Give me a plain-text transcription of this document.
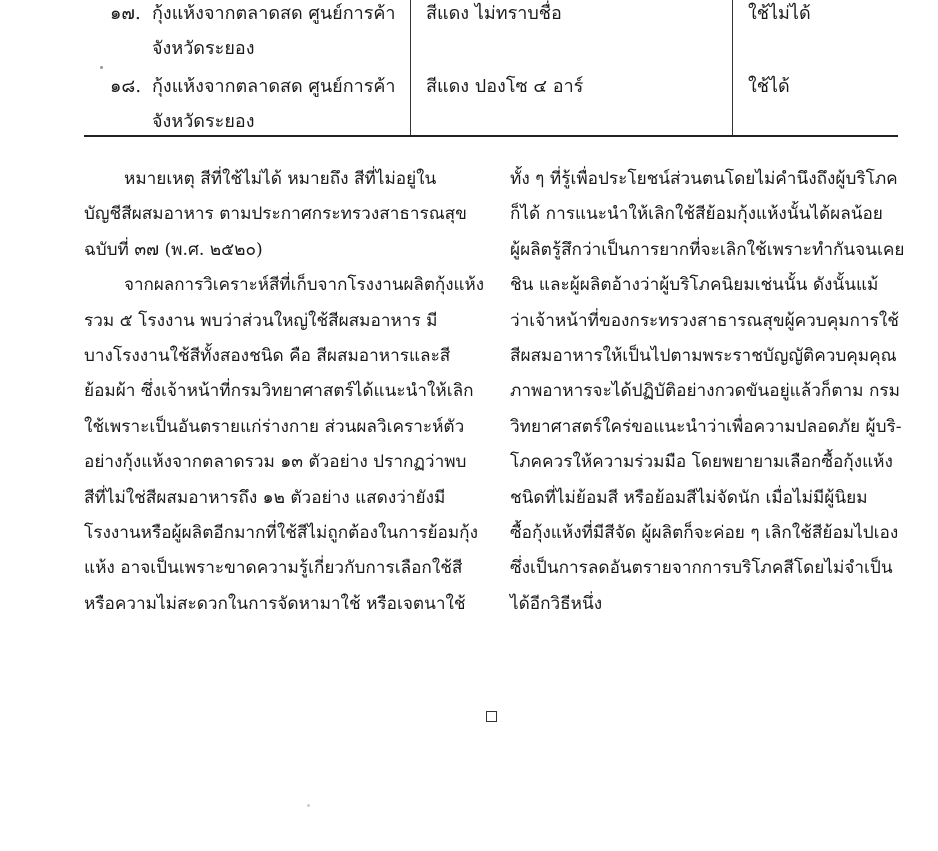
๑๗. กุ้งแห้งจากตลาดสด ศูนย์การค้า
จังหวัดระยอง
สีแดง ไม่ทราบชื่อ	ใช้ไม่ได้
๑๘. กุ้งแห้งจากตลาดสด ศูนย์การค้า
จังหวัดระยอง
สีแดง ปองโซ ๔ อาร์	ใช้ได้
หมายเหตุ สีที่ใช้ไม่ได้ หมายถึง สีที่ไม่อยู่ใน
บัญชีสีผสมอาหาร ตามประกาศกระทรวงสาธารณสุข
ฉบับที่ ๓๗ (พ.ศ. ๒๕๒๐)
จากผลการวิเคราะห์สีที่เก็บจากโรงงานผลิตกุ้งแห้ง
รวม ๕ โรงงาน พบว่าส่วนใหญ่ใช้สีผสมอาหาร มี
บางโรงงานใช้สีทั้งสองชนิด คือ สีผสมอาหารและสี
ย้อมผ้า ซึ่งเจ้าหน้าที่กรมวิทยาศาสตร์ได้แนะนำให้เลิก
ใช้เพราะเป็นอันตรายแก่ร่างกาย ส่วนผลวิเคราะห์ตัว
อย่างกุ้งแห้งจากตลาดรวม ๑๓ ตัวอย่าง ปรากฏว่าพบ
สีที่ไม่ใช่สีผสมอาหารถึง ๑๒ ตัวอย่าง แสดงว่ายังมี
โรงงานหรือผู้ผลิตอีกมากที่ใช้สีไม่ถูกต้องในการย้อมกุ้ง
แห้ง อาจเป็นเพราะขาดความรู้เกี่ยวกับการเลือกใช้สี
หรือความไม่สะดวกในการจัดหามาใช้ หรือเจตนาใช้
ทั้ง ๆ ที่รู้เพื่อประโยชน์ส่วนตนโดยไม่คำนึงถึงผู้บริโภค
ก็ได้ การแนะนำให้เลิกใช้สีย้อมกุ้งแห้งนั้นได้ผลน้อย
ผู้ผลิตรู้สึกว่าเป็นการยากที่จะเลิกใช้เพราะทำกันจนเคย
ชิน และผู้ผลิตอ้างว่าผู้บริโภคนิยมเช่นนั้น ดังนั้นแม้
ว่าเจ้าหน้าที่ของกระทรวงสาธารณสุขผู้ควบคุมการใช้
สีผสมอาหารให้เป็นไปตามพระราชบัญญัติควบคุมคุณ
ภาพอาหารจะได้ปฏิบัติอย่างกวดขันอยู่แล้วก็ตาม กรม
วิทยาศาสตร์ใคร่ขอแนะนำว่าเพื่อความปลอดภัย ผู้บริ-
โภคควรให้ความร่วมมือ โดยพยายามเลือกซื้อกุ้งแห้ง
ชนิดที่ไม่ย้อมสี หรือย้อมสีไม่จัดนัก เมื่อไม่มีผู้นิยม
ซื้อกุ้งแห้งที่มีสีจัด ผู้ผลิตก็จะค่อย ๆ เลิกใช้สีย้อมไปเอง
ซึ่งเป็นการลดอันตรายจากการบริโภคสีโดยไม่จำเป็น
ได้อีกวิธีหนึ่ง
